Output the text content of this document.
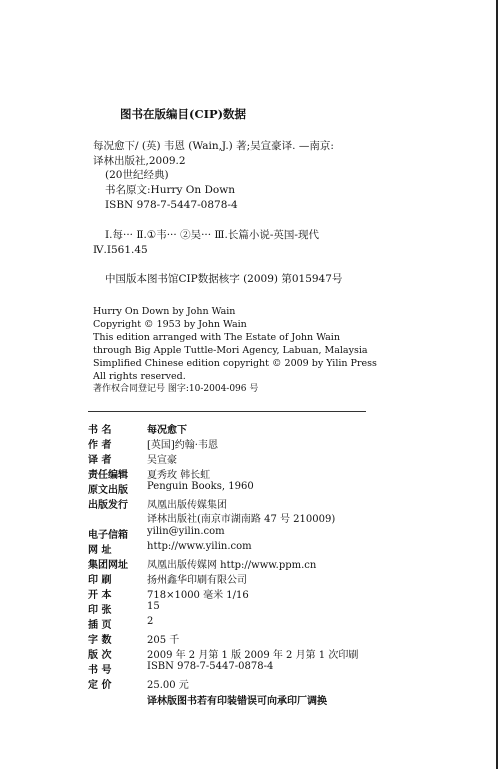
图书在版编目(CIP)数据
每况愈下/ (英) 韦恩 (Wain,J.) 著;吴宣豪译. —南京:
译林出版社,2009.2
(20世纪经典)
书名原文:Hurry On Down
ISBN 978-7-5447-0878-4
Ⅰ.每··· Ⅱ.①韦··· ②吴··· Ⅲ.长篇小说-英国-现代
Ⅳ.I561.45
中国版本图书馆CIP数据核字 (2009) 第015947号
Hurry On Down by John Wain
Copyright © 1953 by John Wain
This edition arranged with The Estate of John Wain
through Big Apple Tuttle-Mori Agency, Labuan, Malaysia
Simplified Chinese edition copyright © 2009 by Yilin Press
All rights reserved.
著作权合同登记号 图字:10-2004-096 号
书 名	每况愈下
作 者	[英国]约翰·韦恩
译 者	吴宣豪
责任编辑 夏秀玫 韩长虹
原文出版 Penguin Books, 1960
出版发行 凤凰出版传媒集团
译林出版社(南京市湖南路 47 号 210009)
电子信箱 yilin@yilin.com
网 址	http://www.yilin.com
集团网址 凤凰出版传媒网 http://www.ppm.cn
印 刷	扬州鑫华印刷有限公司
开 本	718×1000 毫米 1/16
印 张	15
插 页	2
字 数	205 千
版 次	2009 年 2 月第 1 版 2009 年 2 月第 1 次印刷
书 号	ISBN 978-7-5447-0878-4
定 价	25.00 元
译林版图书若有印装错误可向承印厂调换
